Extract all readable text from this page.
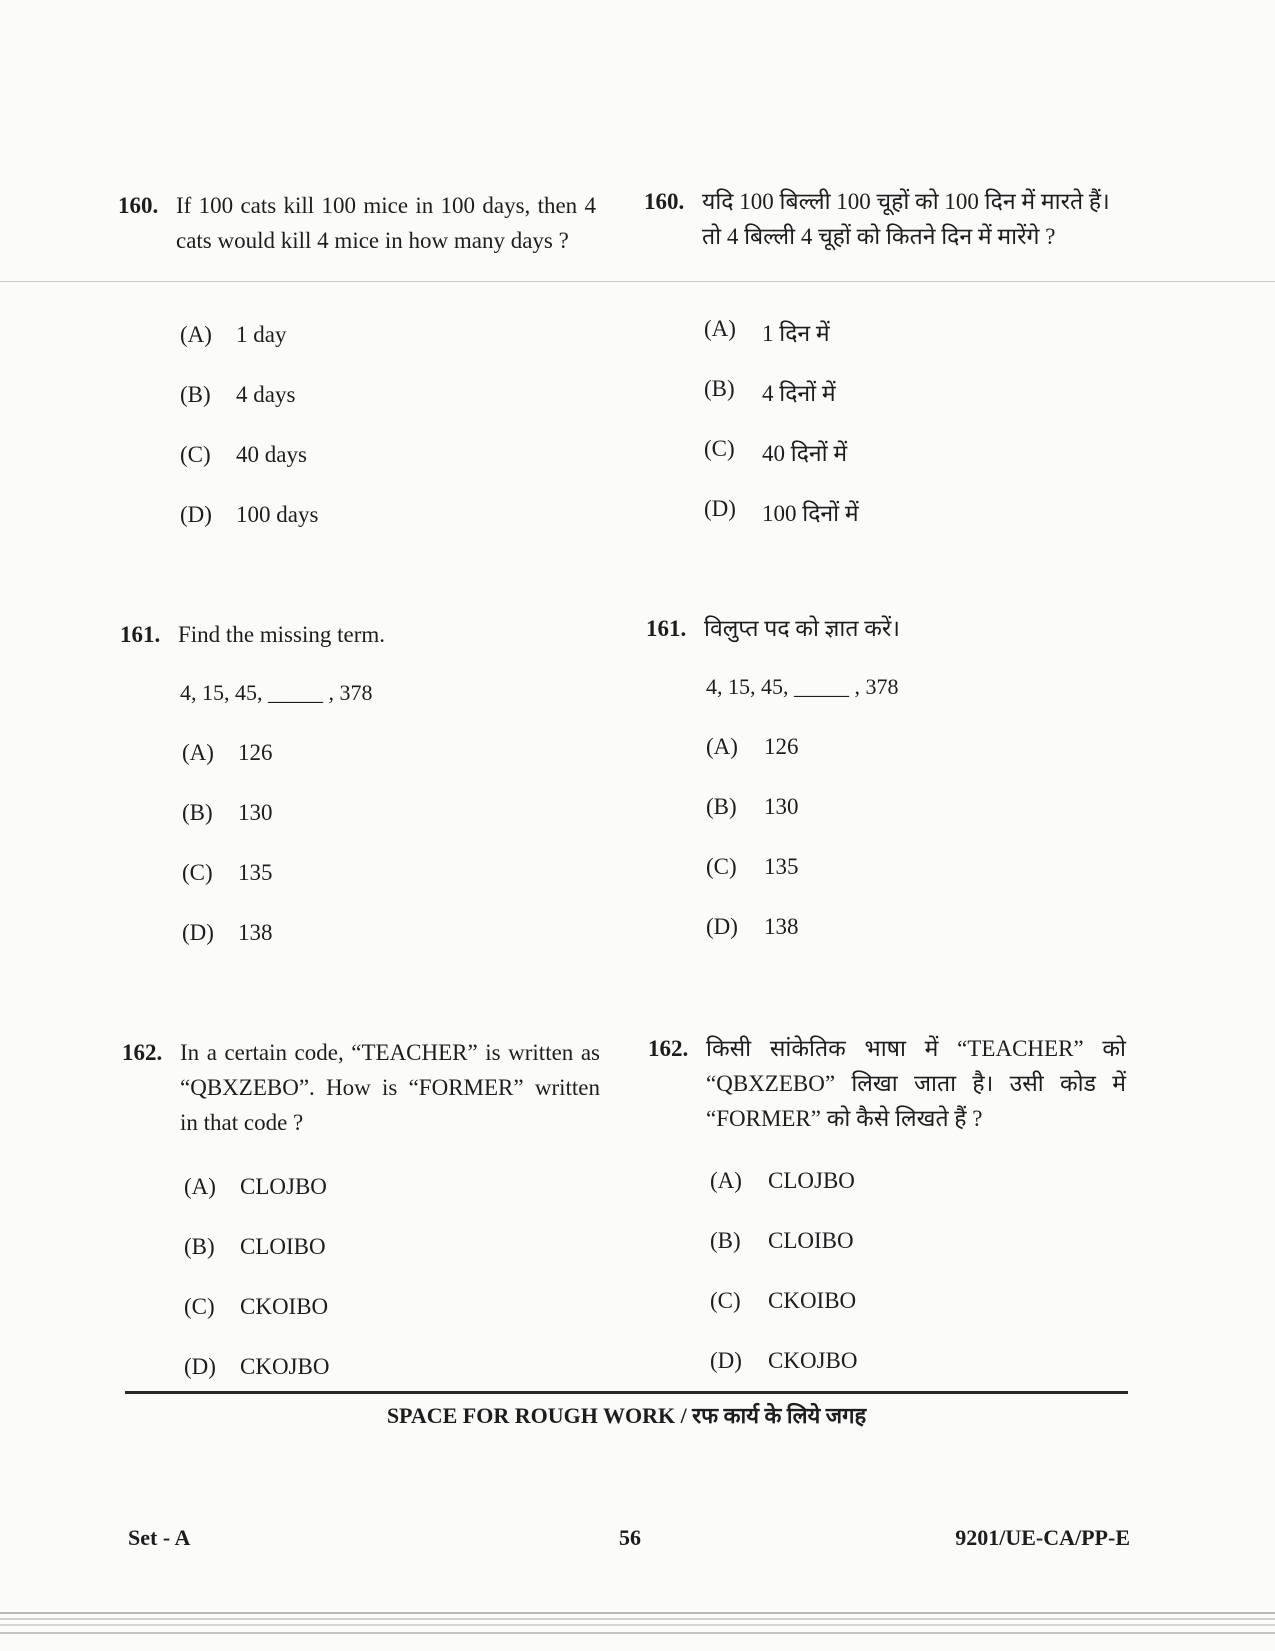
160. If 100 cats kill 100 mice in 100 days, then 4 cats would kill 4 mice in how many days ?
(A) 1 day
(B) 4 days
(C) 40 days
(D) 100 days
160. यदि 100 बिल्ली 100 चूहों को 100 दिन में मारते हैं। तो 4 बिल्ली 4 चूहों को कितने दिन में मारेंगे ?
(A) 1 दिन में
(B) 4 दिनों में
(C) 40 दिनों में
(D) 100 दिनों में
161. Find the missing term.
4, 15, 45, _____ , 378
(A) 126
(B) 130
(C) 135
(D) 138
161. विलुप्त पद को ज्ञात करें।
4, 15, 45, _____ , 378
(A) 126
(B) 130
(C) 135
(D) 138
162. In a certain code, “TEACHER” is written as “QBXZEBO”. How is “FORMER” written in that code ?
(A) CLOJBO
(B) CLOIBO
(C) CKOIBO
(D) CKOJBO
162. किसी सांकेतिक भाषा में “TEACHER” को “QBXZEBO” लिखा जाता है। उसी कोड में “FORMER” को कैसे लिखते हैं ?
(A) CLOJBO
(B) CLOIBO
(C) CKOIBO
(D) CKOJBO
SPACE FOR ROUGH WORK / रफ कार्य के लिये जगह
Set - A	56	9201/UE-CA/PP-E
